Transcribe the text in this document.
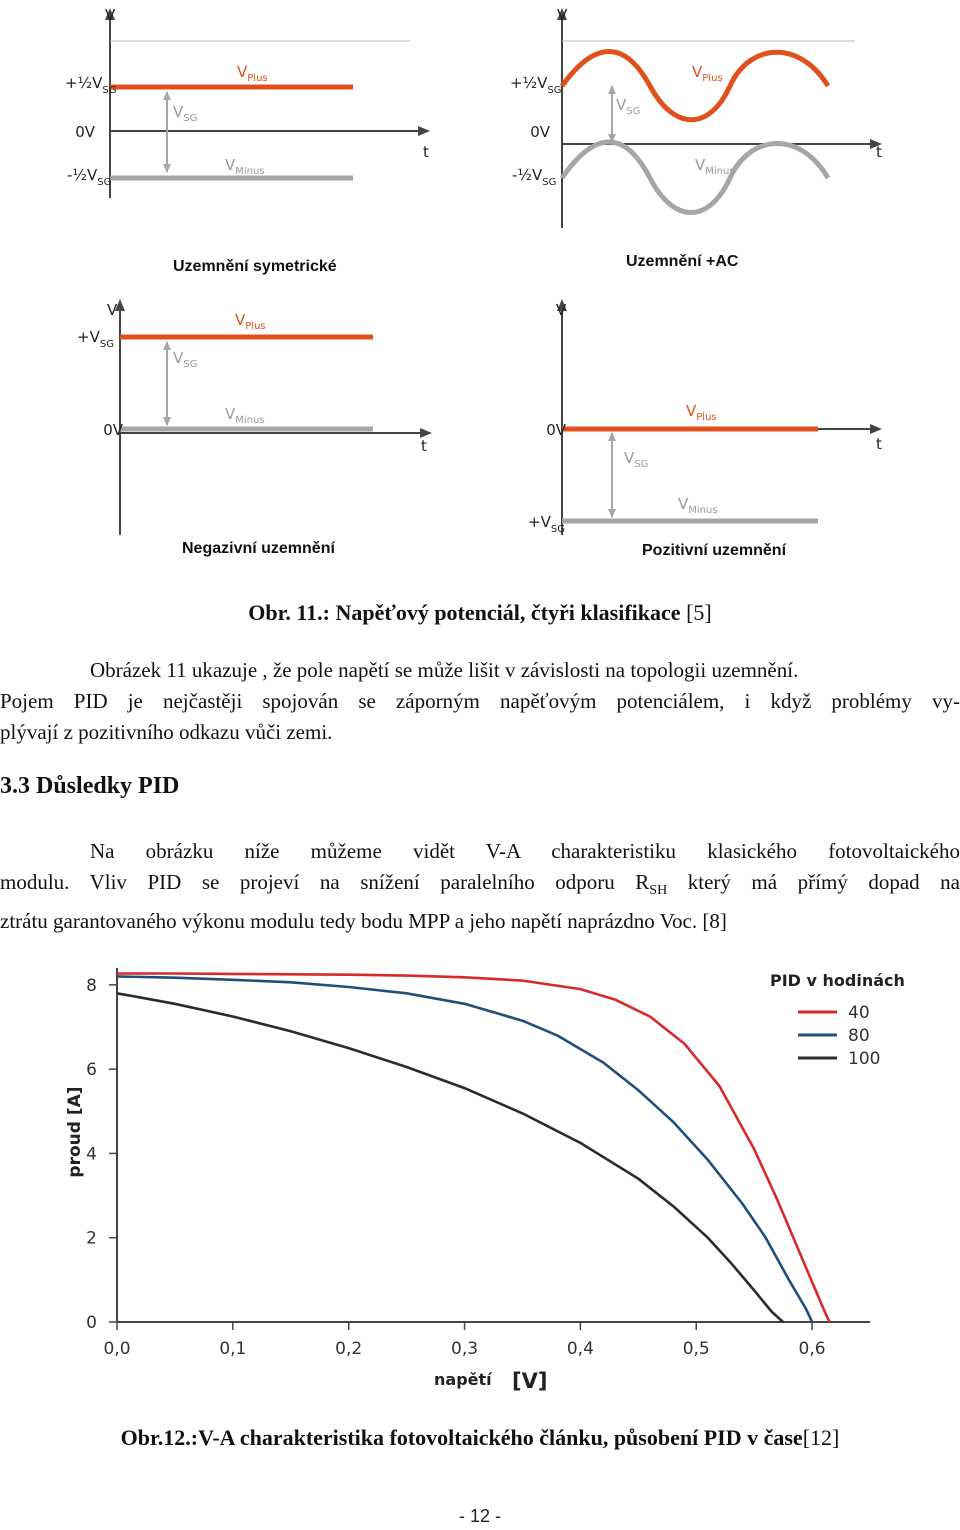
V
t
$+\frac{1}{2}V_{SG}$
0V
$-\frac{1}{2}V_{SG}$
$V_{Plus}$
$V_{SG}$
$V_{Minus}$
Uzemnění symetrické
V
t
$+\frac{1}{2}V_{SG}$
0V
$-\frac{1}{2}V_{SG}$
$V_{Plus}$
$V_{SG}$
$V_{Minus}$
Uzemnění +AC
V
t
$+V_{SG}$
0V
$V_{Plus}$
$V_{SG}$
$V_{Minus}$
Negazivní uzemnění
V
t
0V
$+V_{SG}$
$V_{Plus}$
$V_{SG}$
$V_{Minus}$
Pozitivní uzemnění
Obr. 11.: Napěťový potenciál, čtyři klasifikace [5]
Obrázek 11 ukazuje , že pole napětí se může lišit v závislosti na topologii uzemnění.
Pojem PID je nejčastěji spojován se záporným napěťovým potenciálem, i když problémy vy-
plývají z pozitivního odkazu vůči zemi.
3.3 Důsledky PID
Na obrázku níže můžeme vidět V-A charakteristiku klasického fotovoltaického
modulu. Vliv PID se projeví na snížení paralelního odporu $R_{SH}$ který má přímý dopad na
ztrátu garantovaného výkonu modulu tedy bodu MPP a jeho napětí naprázdno Voc. [8]
0,0	0,1	0,2	0,3	0,4	0,5	0,6
0
2
4
6
8
proud [A]
napětí [V]
PID v hodinách
40
80
100
Obr.12.:V-A charakteristika fotovoltaického článku, působení PID v čase[12]
- 12 -
